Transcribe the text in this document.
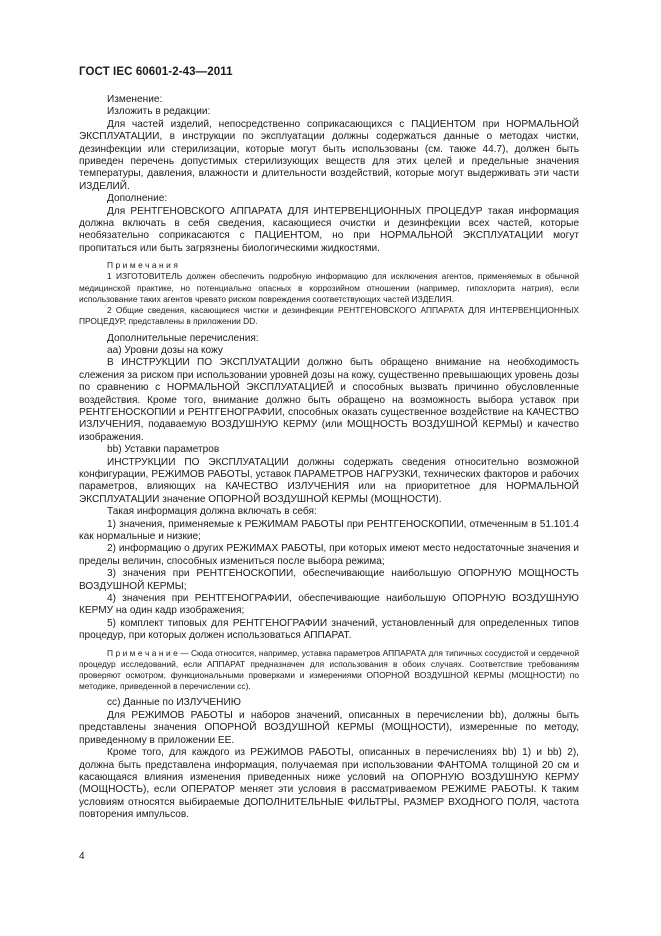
ГОСТ IEC 60601-2-43—2011

Изменение:

Изложить в редакции:

Для частей изделий, непосредственно соприкасающихся с ПАЦИЕНТОМ при НОРМАЛЬНОЙ ЭКСПЛУАТАЦИИ, в инструкции по эксплуатации должны содержаться данные о методах чистки, дезинфекции или стерилизации, которые могут быть использованы (см. также 44.7), должен быть приведен перечень допустимых стерилизующих веществ для этих целей и предельные значения температуры, давления, влажности и длительности воздействий, которые могут выдерживать эти части ИЗДЕЛИЙ.

Дополнение:

Для РЕНТГЕНОВСКОГО АППАРАТА ДЛЯ ИНТЕРВЕНЦИОННЫХ ПРОЦЕДУР такая информация должна включать в себя сведения, касающиеся очистки и дезинфекции всех частей, которые необязательно соприкасаются с ПАЦИЕНТОМ, но при НОРМАЛЬНОЙ ЭКСПЛУАТАЦИИ могут пропитаться или быть загрязнены биологическими жидкостями.

Примечания

1 ИЗГОТОВИТЕЛЬ должен обеспечить подробную информацию для исключения агентов, применяемых в обычной медицинской практике, но потенциально опасных в коррозийном отношении (например, гипохлорита натрия), если использование таких агентов чревато риском повреждения соответствующих частей ИЗДЕЛИЯ.

2 Общие сведения, касающиеся чистки и дезинфекции РЕНТГЕНОВСКОГО АППАРАТА ДЛЯ ИНТЕРВЕНЦИОННЫХ ПРОЦЕДУР, представлены в приложении DD.

Дополнительные перечисления:

аа) Уровни дозы на кожу

В ИНСТРУКЦИИ ПО ЭКСПЛУАТАЦИИ должно быть обращено внимание на необходимость слежения за риском при использовании уровней дозы на кожу, существенно превышающих уровень дозы по сравнению с НОРМАЛЬНОЙ ЭКСПЛУАТАЦИЕЙ и способных вызвать причинно обусловленные воздействия. Кроме того, внимание должно быть обращено на возможность выбора уставок при РЕНТГЕНОСКОПИИ и РЕНТГЕНОГРАФИИ, способных оказать существенное воздействие на КАЧЕСТВО ИЗЛУЧЕНИЯ, подаваемую ВОЗДУШНУЮ КЕРМУ (или МОЩНОСТЬ ВОЗДУШНОЙ КЕРМЫ) и качество изображения.

bb) Уставки параметров

ИНСТРУКЦИИ ПО ЭКСПЛУАТАЦИИ должны содержать сведения относительно возможной конфигурации, РЕЖИМОВ РАБОТЫ, уставок ПАРАМЕТРОВ НАГРУЗКИ, технических факторов и рабочих параметров, влияющих на КАЧЕСТВО ИЗЛУЧЕНИЯ или на приоритетное для НОРМАЛЬНОЙ ЭКСПЛУАТАЦИИ значение ОПОРНОЙ ВОЗДУШНОЙ КЕРМЫ (МОЩНОСТИ).

Такая информация должна включать в себя:

1) значения, применяемые к РЕЖИМАМ РАБОТЫ при РЕНТГЕНОСКОПИИ, отмеченным в 51.101.4 как нормальные и низкие;

2) информацию о других РЕЖИМАХ РАБОТЫ, при которых имеют место недостаточные значения и пределы величин, способных измениться после выбора режима;

3) значения при РЕНТГЕНОСКОПИИ, обеспечивающие наибольшую ОПОРНУЮ МОЩНОСТЬ ВОЗДУШНОЙ КЕРМЫ;

4) значения при РЕНТГЕНОГРАФИИ, обеспечивающие наибольшую ОПОРНУЮ ВОЗДУШНУЮ КЕРМУ на один кадр изображения;

5) комплект типовых для РЕНТГЕНОГРАФИИ значений, установленный для определенных типов процедур, при которых должен использоваться АППАРАТ.

П р и м е ч а н и е — Сюда относится, например, уставка параметров АППАРАТА для типичных сосудистой и сердечной процедур исследований, если АППАРАТ предназначен для использования в обоих случаях. Соответствие требованиям проверяют осмотром, функциональными проверками и измерениями ОПОРНОЙ ВОЗДУШНОЙ КЕРМЫ (МОЩНОСТИ) по методике, приведенной в перечислении сс).

сс) Данные по ИЗЛУЧЕНИЮ

Для РЕЖИМОВ РАБОТЫ и наборов значений, описанных в перечислении bb), должны быть представлены значения ОПОРНОЙ ВОЗДУШНОЙ КЕРМЫ (МОЩНОСТИ), измеренные по методу, приведенному в приложении ЕЕ.

Кроме того, для каждого из РЕЖИМОВ РАБОТЫ, описанных в перечислениях bb) 1) и bb) 2), должна быть представлена информация, получаемая при использовании ФАНТОМА толщиной 20 см и касающаяся влияния изменения приведенных ниже условий на ОПОРНУЮ ВОЗДУШНУЮ КЕРМУ (МОЩНОСТЬ), если ОПЕРАТОР меняет эти условия в рассматриваемом РЕЖИМЕ РАБОТЫ. К таким условиям относятся выбираемые ДОПОЛНИТЕЛЬНЫЕ ФИЛЬТРЫ, РАЗМЕР ВХОДНОГО ПОЛЯ, частота повторения импульсов.

4
